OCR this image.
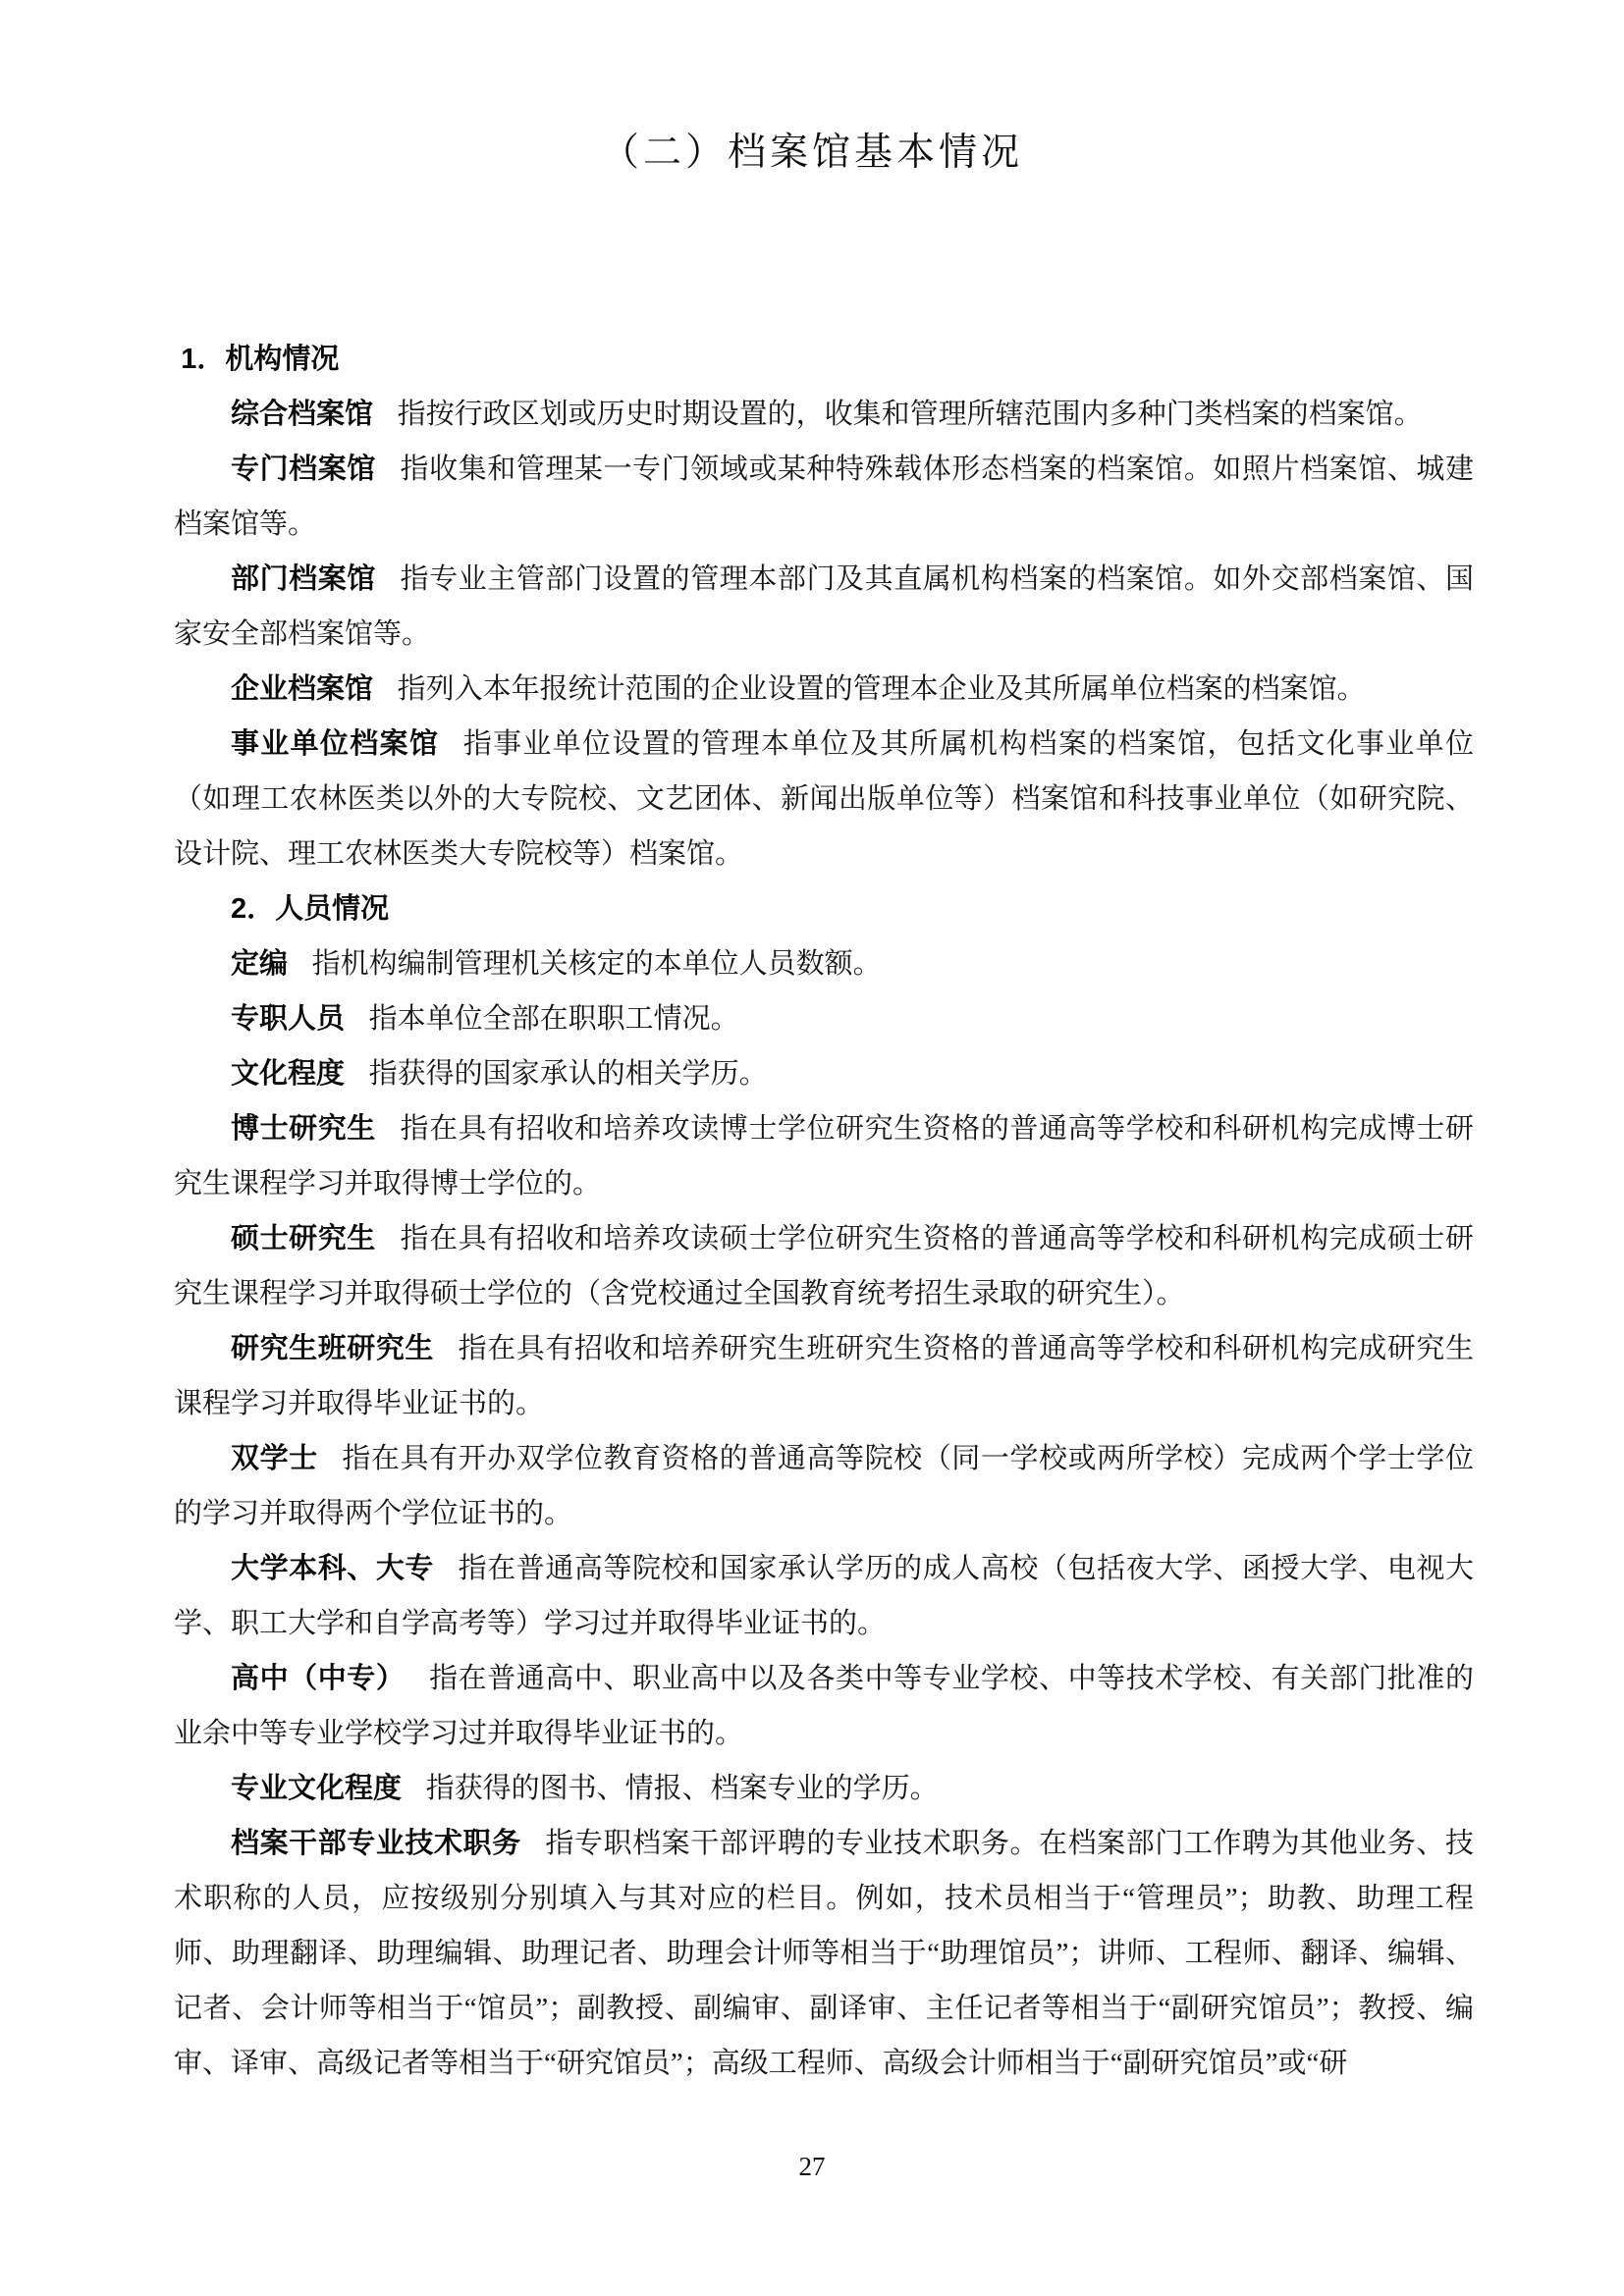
（二）档案馆基本情况

1．机构情况

综合档案馆 指按行政区划或历史时期设置的，收集和管理所辖范围内多种门类档案的档案馆。

专门档案馆 指收集和管理某一专门领域或某种特殊载体形态档案的档案馆。如照片档案馆、城建档案馆等。

部门档案馆 指专业主管部门设置的管理本部门及其直属机构档案的档案馆。如外交部档案馆、国家安全部档案馆等。

企业档案馆 指列入本年报统计范围的企业设置的管理本企业及其所属单位档案的档案馆。

事业单位档案馆 指事业单位设置的管理本单位及其所属机构档案的档案馆，包括文化事业单位（如理工农林医类以外的大专院校、文艺团体、新闻出版单位等）档案馆和科技事业单位（如研究院、设计院、理工农林医类大专院校等）档案馆。

2．人员情况

定编 指机构编制管理机关核定的本单位人员数额。

专职人员 指本单位全部在职职工情况。

文化程度 指获得的国家承认的相关学历。

博士研究生 指在具有招收和培养攻读博士学位研究生资格的普通高等学校和科研机构完成博士研究生课程学习并取得博士学位的。

硕士研究生 指在具有招收和培养攻读硕士学位研究生资格的普通高等学校和科研机构完成硕士研究生课程学习并取得硕士学位的（含党校通过全国教育统考招生录取的研究生）。

研究生班研究生 指在具有招收和培养研究生班研究生资格的普通高等学校和科研机构完成研究生课程学习并取得毕业证书的。

双学士 指在具有开办双学位教育资格的普通高等院校（同一学校或两所学校）完成两个学士学位的学习并取得两个学位证书的。

大学本科、大专 指在普通高等院校和国家承认学历的成人高校（包括夜大学、函授大学、电视大学、职工大学和自学高考等）学习过并取得毕业证书的。

高中（中专） 指在普通高中、职业高中以及各类中等专业学校、中等技术学校、有关部门批准的业余中等专业学校学习过并取得毕业证书的。

专业文化程度 指获得的图书、情报、档案专业的学历。

档案干部专业技术职务 指专职档案干部评聘的专业技术职务。在档案部门工作聘为其他业务、技术职称的人员，应按级别分别填入与其对应的栏目。例如，技术员相当于“管理员”；助教、助理工程师、助理翻译、助理编辑、助理记者、助理会计师等相当于“助理馆员”；讲师、工程师、翻译、编辑、记者、会计师等相当于“馆员”；副教授、副编审、副译审、主任记者等相当于“副研究馆员”；教授、编审、译审、高级记者等相当于“研究馆员”；高级工程师、高级会计师相当于“副研究馆员”或“研

27
